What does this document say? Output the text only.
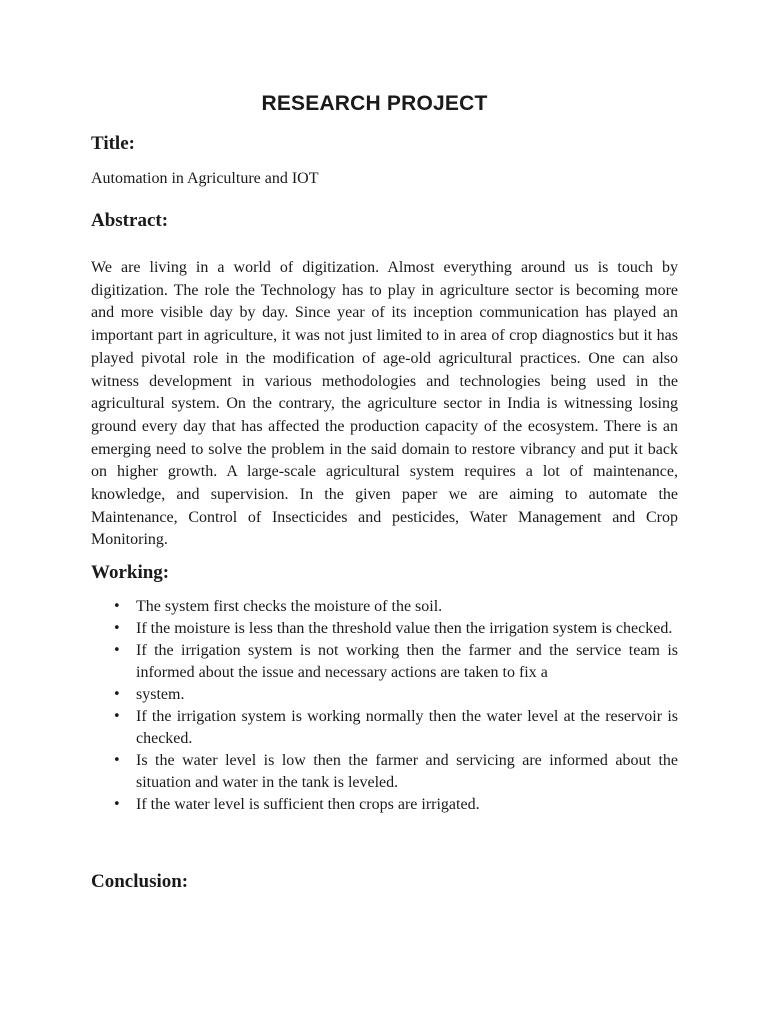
RESEARCH PROJECT
Title:

Automation in Agriculture and IOT

Abstract:

We are living in a world of digitization. Almost everything around us is touch by digitization. The role the Technology has to play in agriculture sector is becoming more and more visible day by day. Since year of its inception communication has played an important part in agriculture, it was not just limited to in area of crop diagnostics but it has played pivotal role in the modification of age-old agricultural practices. One can also witness development in various methodologies and technologies being used in the agricultural system. On the contrary, the agriculture sector in India is witnessing losing ground every day that has affected the production capacity of the ecosystem. There is an emerging need to solve the problem in the said domain to restore vibrancy and put it back on higher growth. A large-scale agricultural system requires a lot of maintenance, knowledge, and supervision. In the given paper we are aiming to automate the Maintenance, Control of Insecticides and pesticides, Water Management and Crop Monitoring.

Working:
• The system first checks the moisture of the soil.
• If the moisture is less than the threshold value then the irrigation system is checked.
• If the irrigation system is not working then the farmer and the service team is informed about the issue and necessary actions are taken to fix a
• system.
• If the irrigation system is working normally then the water level at the reservoir is checked.
• Is the water level is low then the farmer and servicing are informed about the situation and water in the tank is leveled.
• If the water level is sufficient then crops are irrigated.
Conclusion:
